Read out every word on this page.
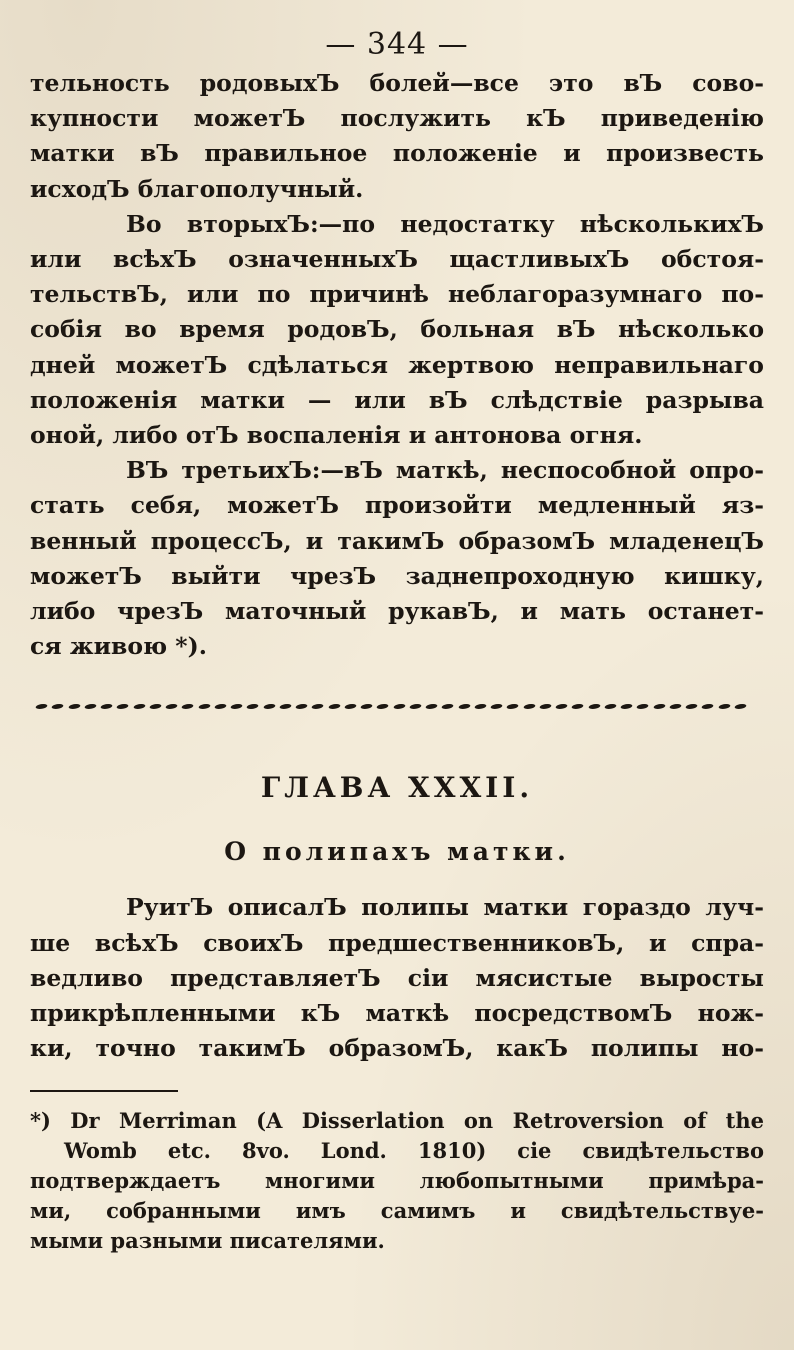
— 344 —

тельность родовыхЪ болей—все это вЪ сово-
купности можетЪ послужить кЪ приведенію
матки вЪ правильное положеніе и произвесть
исходЪ благополучный.

Во вторыхЪ:—по недостатку нѣсколькихЪ
или всѣхЪ означенныхЪ щастливыхЪ обстоя-
тельствЪ, или по причинѣ неблагоразумнаго по-
собія во время родовЪ, больная вЪ нѣсколько
дней можетЪ сдѣлаться жертвою неправильнаго
положенія матки — или вЪ слѣдствіе разрыва
оной, либо отЪ воспаленія и антонова огня.

ВЪ третьихЪ:—вЪ маткѣ, неспособной опро-
стать себя, можетЪ произойти медленный яз-
венный процессЪ, и такимЪ образомЪ младенецЪ
можетЪ выйти чрезЪ заднепроходную кишку,
либо чрезЪ маточный рукавЪ, и мать останет-
ся живою *).

ГЛАВА XXXII.
О полипахъ матки.

РуитЪ описалЪ полипы матки гораздо луч-
ше всѣхЪ своихЪ предшественниковЪ, и спра-
ведливо представляетЪ сіи мясистые выросты
прикрѣпленными кЪ маткѣ посредствомЪ нож-
ки, точно такимЪ образомЪ, какЪ полипы но-

*) Dr Merriman (A Disserlation on Retroversion of the
Womb etc. 8vo. Lond. 1810) сіе свидѣтельство
подтверждаетъ многими любопытными примѣра-
ми, собранными имъ самимъ и свидѣтельствуе-
мыми разными писателями.
